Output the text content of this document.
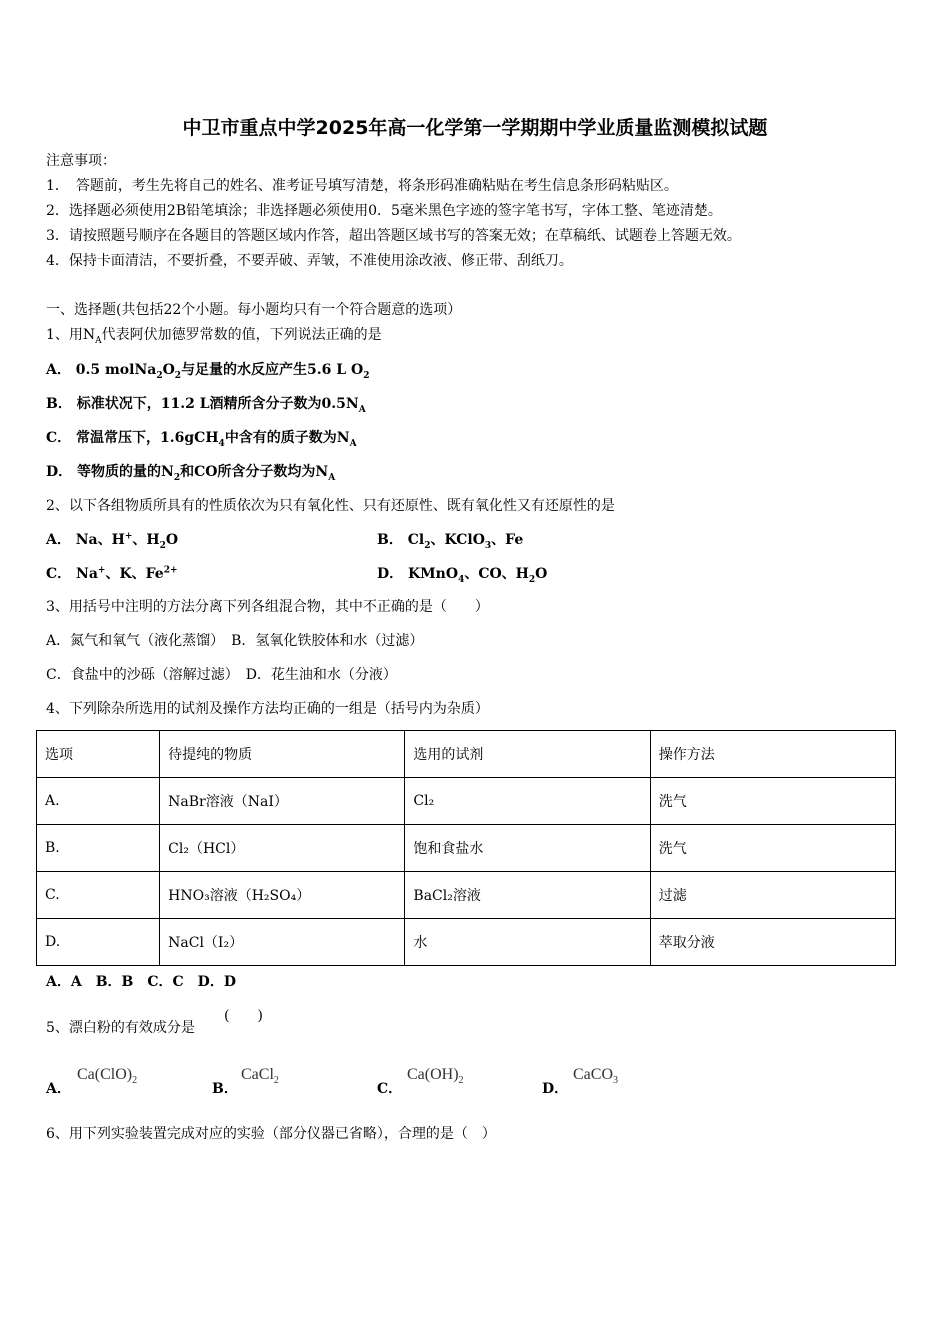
中卫市重点中学2025年高一化学第一学期期中学业质量监测模拟试题
注意事项：
1．　答题前，考生先将自己的姓名、准考证号填写清楚，将条形码准确粘贴在考生信息条形码粘贴区。
2．选择题必须使用2B铅笔填涂；非选择题必须使用0．5毫米黑色字迹的签字笔书写，字体工整、笔迹清楚。
3．请按照题号顺序在各题目的答题区域内作答，超出答题区域书写的答案无效；在草稿纸、试题卷上答题无效。
4．保持卡面清洁，不要折叠，不要弄破、弄皱，不准使用涂改液、修正带、刮纸刀。
一、选择题(共包括22个小题。每小题均只有一个符合题意的选项）
1、用$N_A$代表阿伏加德罗常数的值，下列说法正确的是
A． 0.5 $molNa_2O_2$与足量的水反应产生5.6 L $O_2$
B． 标准状况下，11.2 L酒精所含分子数为$0.5N_A$
C． 常温常压下，1.6gCH$_4$中含有的质子数为$N_A$
D． 等物质的量的$N_2$和CO所含分子数均为$N_A$
2、以下各组物质所具有的性质依次为只有氧化性、只有还原性、既有氧化性又有还原性的是
A． Na、H+、$H_2O$	B． $Cl_2$、KClO$_3$、Fe
C． Na+、K、$Fe^{2+}$	D． KMnO$_4$、CO、$H_2O$
3、用括号中注明的方法分离下列各组混合物，其中不正确的是（　　）
A．氮气和氧气（液化蒸馏）　B．氢氧化铁胶体和水（过滤）
C．食盐中的沙砾（溶解过滤）　D．花生油和水（分液）
4、下列除杂所选用的试剂及操作方法均正确的一组是（括号内为杂质）
选项	待提纯的物质	选用的试剂	操作方法
A.	NaBr溶液（NaI）	Cl₂	洗气
B.	Cl₂（HCl）	饱和食盐水	洗气
C.	HNO₃溶液（H₂SO₄）	BaCl₂溶液	过滤
D.	NaCl（I₂）	水	萃取分液
A．A　B．B　C．C　D．D
5、漂白粉的有效成分是
(　　)
A．
$Ca(ClO)_2$
B．
CaCl$_2$
C．
$Ca(OH)_2$
D．
CaCO$_3$
6、用下列实验装置完成对应的实验（部分仪器已省略），合理的是（　）
